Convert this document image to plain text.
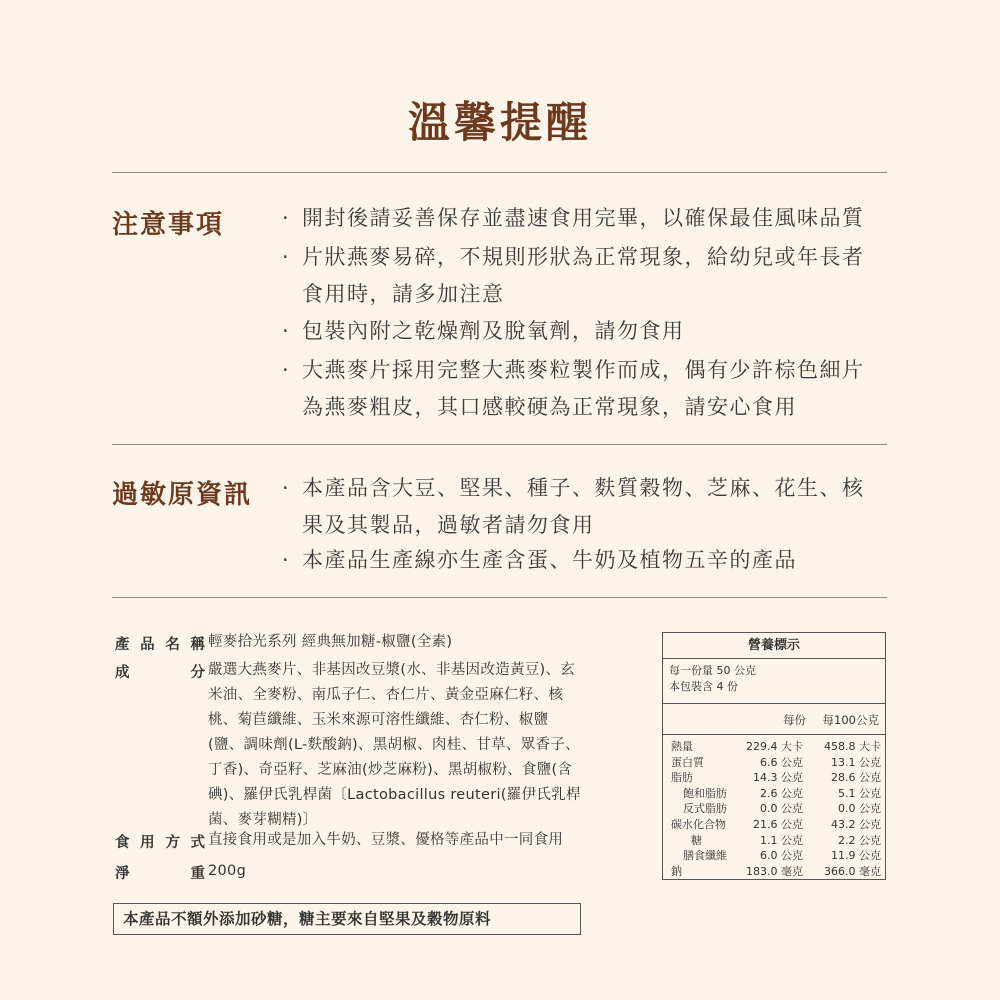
溫馨提醒
注意事項	· 開封後請妥善保存並盡速食用完畢，以確保最佳風味品質
· 片狀燕麥易碎，不規則形狀為正常現象，給幼兒或年長者
食用時，請多加注意
· 包裝內附之乾燥劑及脫氧劑，請勿食用
· 大燕麥片採用完整大燕麥粒製作而成，偶有少許棕色細片
為燕麥粗皮，其口感較硬為正常現象，請安心食用
過敏原資訊 · 本產品含大豆、堅果、種子、麩質穀物、芝麻、花生、核
果及其製品，過敏者請勿食用
· 本產品生產線亦生產含蛋、牛奶及植物五辛的產品
產 品 名 稱 輕麥拾光系列 經典無加糖-椒鹽(全素)
成	分 嚴選大燕麥片、非基因改豆漿(水、非基因改造黃豆)、玄
米油、全麥粉、南瓜子仁、杏仁片、黃金亞麻仁籽、核
桃、菊苣纖維、玉米來源可溶性纖維、杏仁粉、椒鹽
(鹽、調味劑(L-麩酸鈉)、黑胡椒、肉桂、甘草、眾香子、
丁香)、奇亞籽、芝麻油(炒芝麻粉)、黑胡椒粉、食鹽(含
碘)、羅伊氏乳桿菌〔Lactobacillus reuteri(羅伊氏乳桿
菌、麥芽糊精)〕
食 用 方 式 直接食用或是加入牛奶、豆漿、優格等產品中一同食用
淨	重 200g
營養標示
每一份量 50 公克
本包裝含 4 份
每份 每100公克
熱量	229.4 大卡 458.8 大卡
蛋白質	6.6 公克	13.1 公克
脂肪	14.3 公克	28.6 公克
飽和脂肪	2.6 公克	5.1 公克
反式脂肪	0.0 公克	0.0 公克
碳水化合物 21.6 公克	43.2 公克
糖	1.1 公克	2.2 公克
膳食纖維	6.0 公克	11.9 公克
鈉	183.0 毫克 366.0 毫克
本產品不額外添加砂糖，糖主要來自堅果及穀物原料
